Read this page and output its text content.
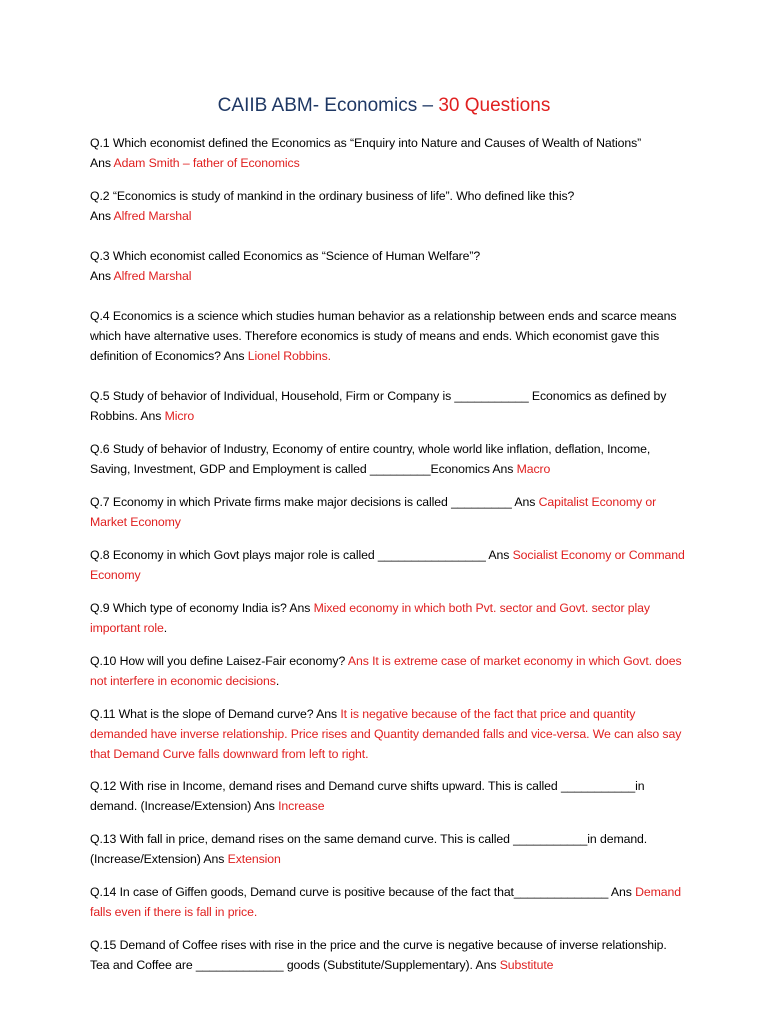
CAIIB ABM- Economics – 30 Questions
Q.1 Which economist defined the Economics as “Enquiry into Nature and Causes of Wealth of Nations”
Ans Adam Smith – father of Economics
Q.2 “Economics is study of mankind in the ordinary business of life”. Who defined like this?
Ans Alfred Marshal
Q.3 Which economist called Economics as “Science of Human Welfare”?
Ans Alfred Marshal
Q.4 Economics is a science which studies human behavior as a relationship between ends and scarce means which have alternative uses. Therefore economics is study of means and ends. Which economist gave this definition of Economics? Ans Lionel Robbins.
Q.5 Study of behavior of Individual, Household, Firm or Company is ___________ Economics as defined by Robbins. Ans Micro
Q.6 Study of behavior of Industry, Economy of entire country, whole world like inflation, deflation, Income, Saving, Investment, GDP and Employment is called _________Economics Ans Macro
Q.7 Economy in which Private firms make major decisions is called _________ Ans Capitalist Economy or Market Economy
Q.8 Economy in which Govt plays major role is called ________________ Ans Socialist Economy or Command Economy
Q.9 Which type of economy India is? Ans Mixed economy in which both Pvt. sector and Govt. sector play important role.
Q.10 How will you define Laisez-Fair economy? Ans It is extreme case of market economy in which Govt. does not interfere in economic decisions.
Q.11 What is the slope of Demand curve? Ans It is negative because of the fact that price and quantity demanded have inverse relationship. Price rises and Quantity demanded falls and vice-versa. We can also say that Demand Curve falls downward from left to right.
Q.12 With rise in Income, demand rises and Demand curve shifts upward. This is called ___________in demand. (Increase/Extension) Ans Increase
Q.13 With fall in price, demand rises on the same demand curve. This is called ___________in demand. (Increase/Extension) Ans Extension
Q.14 In case of Giffen goods, Demand curve is positive because of the fact that______________ Ans Demand falls even if there is fall in price.
Q.15 Demand of Coffee rises with rise in the price and the curve is negative because of inverse relationship. Tea and Coffee are _____________ goods (Substitute/Supplementary). Ans Substitute
